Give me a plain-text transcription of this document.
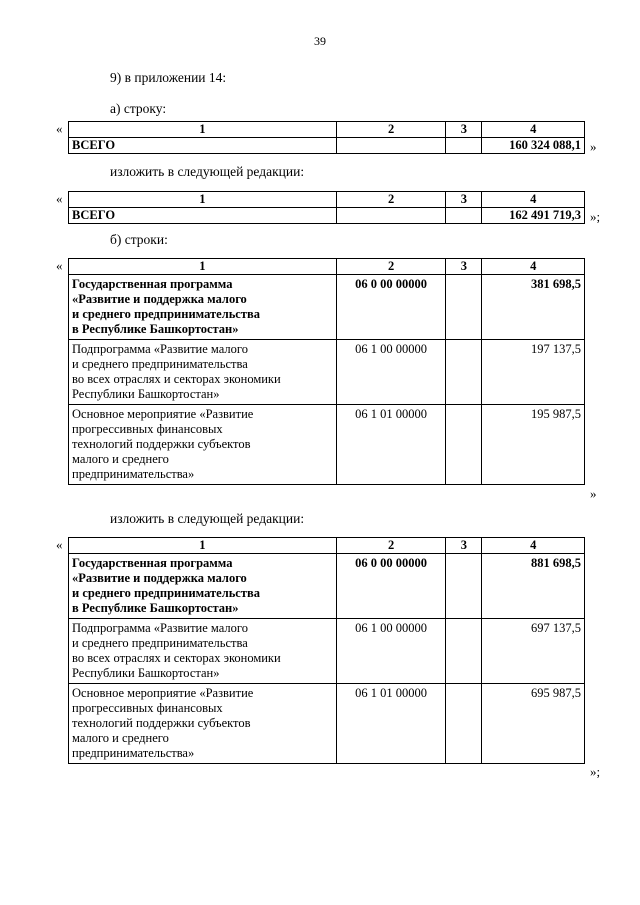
39
9) в приложении 14:
а) строку:
«	1	2	3	4
ВСЕГО			160 324 088,1 »
изложить в следующей редакции:
«	1	2	3	4
ВСЕГО			162 491 719,3 »;
б) строки:
«	1	2	3	4

Государственная программа
«Развитие и поддержка малого
и среднего предпринимательства
в Республике Башкортостан»	06 0 00 00000		381 698,5

Подпрограмма «Развитие малого
и среднего предпринимательства
во всех отраслях и секторах экономики
Республики Башкортостан»	06 1 00 00000		197 137,5

Основное мероприятие «Развитие
прогрессивных финансовых
технологий поддержки субъектов
малого и среднего
предпринимательства»	06 1 01 00000		195 987,5
»
изложить в следующей редакции:
«	1	2	3	4

Государственная программа
«Развитие и поддержка малого
и среднего предпринимательства
в Республике Башкортостан»	06 0 00 00000		881 698,5

Подпрограмма «Развитие малого
и среднего предпринимательства
во всех отраслях и секторах экономики
Республики Башкортостан»	06 1 00 00000		697 137,5

Основное мероприятие «Развитие
прогрессивных финансовых
технологий поддержки субъектов
малого и среднего
предпринимательства»	06 1 01 00000		695 987,5
»;
